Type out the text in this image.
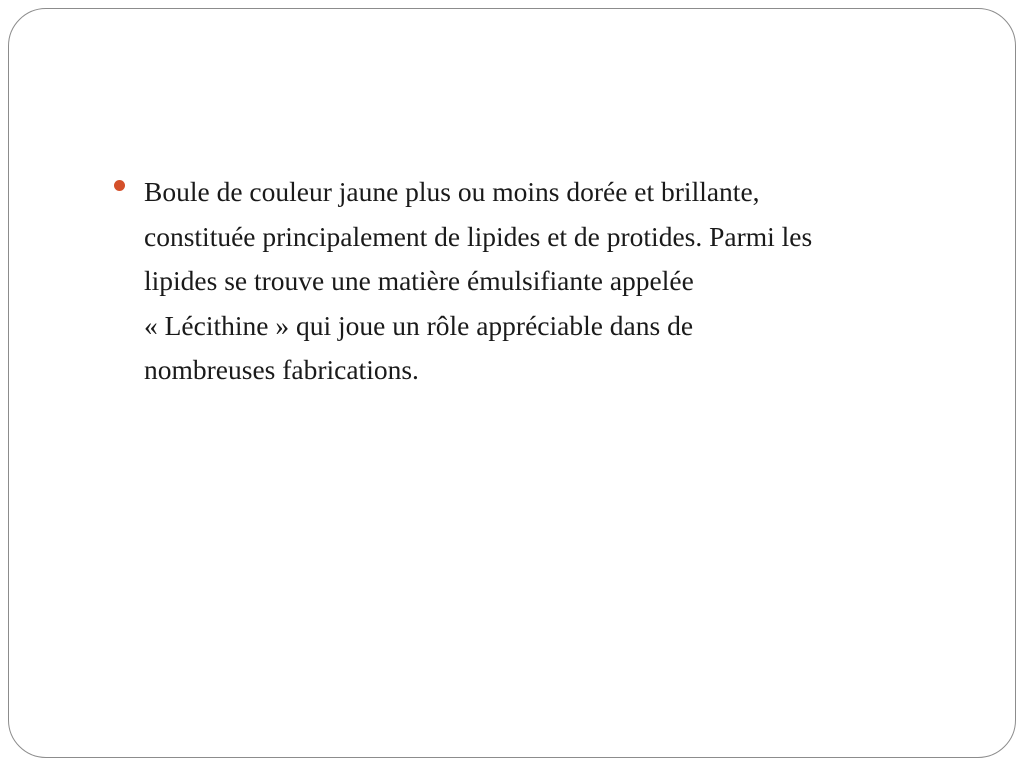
Boule de couleur jaune plus ou moins dorée et brillante,
constituée principalement de lipides et de protides. Parmi les
lipides se trouve une matière émulsifiante appelée
« Lécithine » qui joue un rôle appréciable dans de
nombreuses fabrications.
